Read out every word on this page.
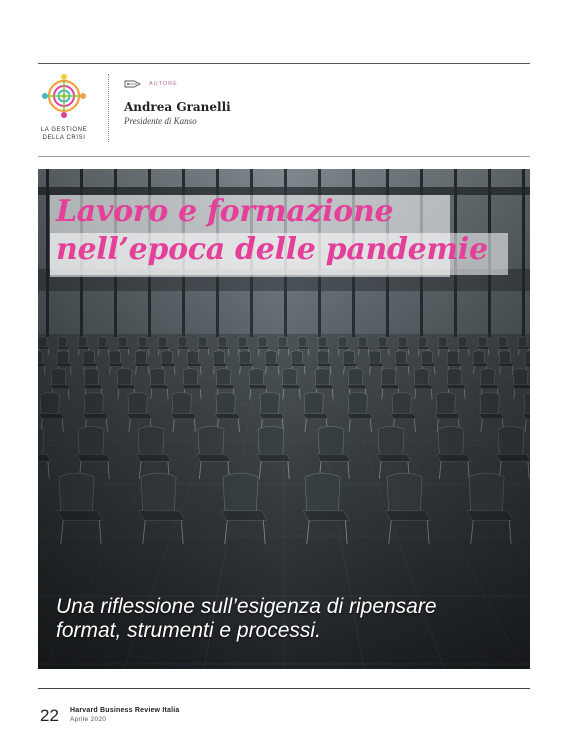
LA GESTIONE
DELLA CRISI
AUTORE
Andrea Granelli
Presidente di Kanso
Lavoro e formazione
nell’epoca delle pandemie

Una riflessione sull’esigenza di ripensare
format, strumenti e processi.

22 Harvard Business Review Italia
Aprile 2020
